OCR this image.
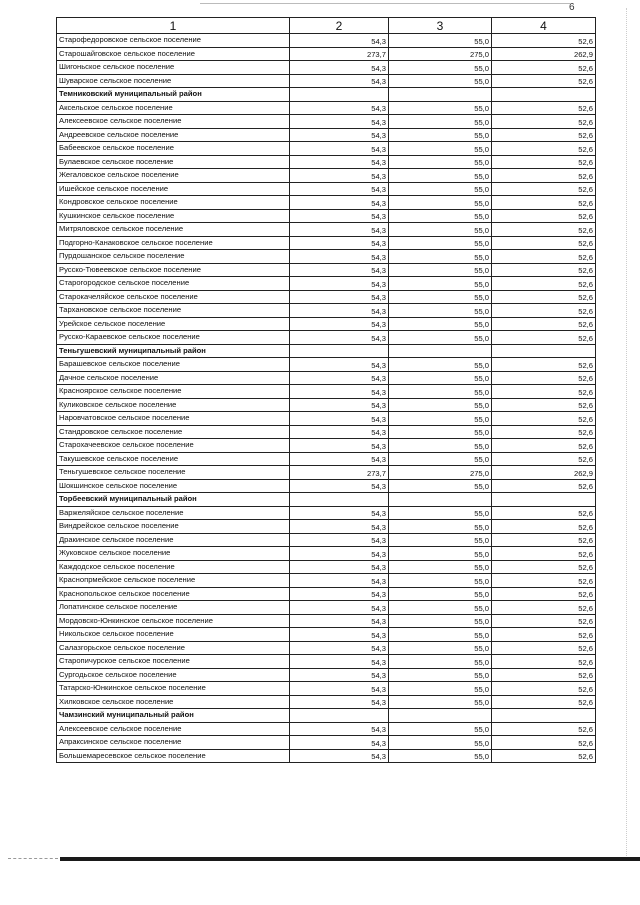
6
1	2	3	4
Старофедоровское сельское поселение	54,3	55,0	52,6
Старошайговское сельское поселение	273,7	275,0	262,9
Шигоньское сельское поселение	54,3	55,0	52,6
Шуварское сельское поселение	54,3	55,0	52,6
Темниковский муниципальный район			
Аксельское сельское поселение	54,3	55,0	52,6
Алексеевское сельское поселение	54,3	55,0	52,6
Андреевское сельское поселение	54,3	55,0	52,6
Бабеевское сельское поселение	54,3	55,0	52,6
Булаевское сельское поселение	54,3	55,0	52,6
Жегаловское сельское поселение	54,3	55,0	52,6
Ишейское сельское поселение	54,3	55,0	52,6
Кондровское сельское поселение	54,3	55,0	52,6
Кушкинское сельское поселение	54,3	55,0	52,6
Митряловское сельское поселение	54,3	55,0	52,6
Подгорно-Канаковское сельское поселение	54,3	55,0	52,6
Пурдошанское сельское поселение	54,3	55,0	52,6
Русско-Тювеевское сельское поселение	54,3	55,0	52,6
Старогородское сельское поселение	54,3	55,0	52,6
Старокачеляйское сельское поселение	54,3	55,0	52,6
Тархановское сельское поселение	54,3	55,0	52,6
Урейское сельское поселение	54,3	55,0	52,6
Русско-Караевское сельское поселение	54,3	55,0	52,6
Теньгушевский муниципальный район			
Барашевское сельское поселение	54,3	55,0	52,6
Дачное сельское поселение	54,3	55,0	52,6
Красноярское сельское поселение	54,3	55,0	52,6
Куликовское сельское поселение	54,3	55,0	52,6
Наровчатовское сельское поселение	54,3	55,0	52,6
Стандровское сельское поселение	54,3	55,0	52,6
Старохачеевское сельское поселение	54,3	55,0	52,6
Такушевское сельское поселение	54,3	55,0	52,6
Теньгушевское сельское поселение	273,7	275,0	262,9
Шокшинское сельское поселение	54,3	55,0	52,6
Торбеевский муниципальный район			
Варжеляйское сельское поселение	54,3	55,0	52,6
Виндрейское сельское поселение	54,3	55,0	52,6
Дракинское сельское поселение	54,3	55,0	52,6
Жуковское сельское поселение	54,3	55,0	52,6
Каждодское сельское поселение	54,3	55,0	52,6
Краснопрмейское сельское поселение	54,3	55,0	52,6
Краснопольское сельское поселение	54,3	55,0	52,6
Лопатинское сельское поселение	54,3	55,0	52,6
Мордовско-Юнкинское сельское поселение	54,3	55,0	52,6
Никольское сельское поселение	54,3	55,0	52,6
Салазгорьское сельское поселение	54,3	55,0	52,6
Старопичурское сельское поселение	54,3	55,0	52,6
Сургодьское сельское поселение	54,3	55,0	52,6
Татарско-Юнкинское сельское поселение	54,3	55,0	52,6
Хилковское сельское поселение	54,3	55,0	52,6
Чамзинский муниципальный район			
Алексеевское сельское поселение	54,3	55,0	52,6
Апраксинское сельское поселение	54,3	55,0	52,6
Большемаресевское сельское поселение	54,3	55,0	52,6
